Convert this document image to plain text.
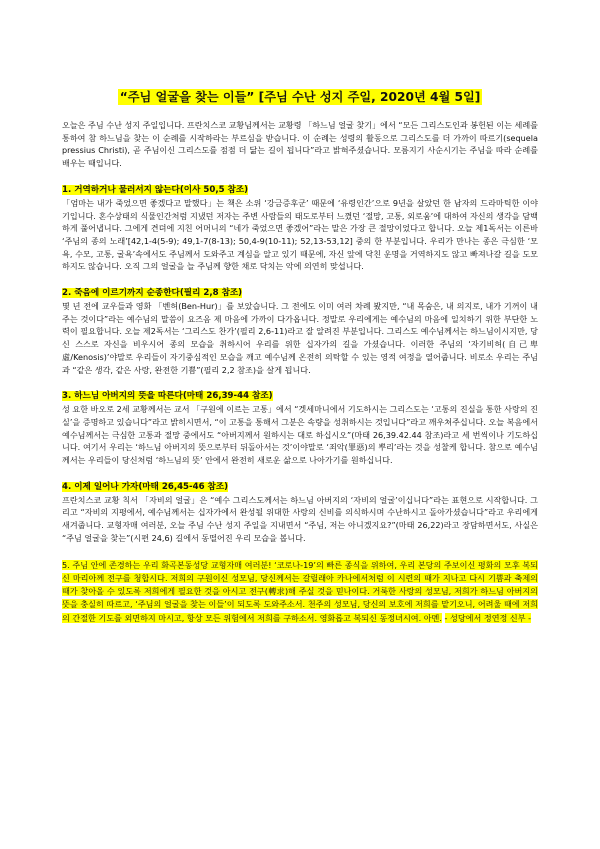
“주님 얼굴을 찾는 이들” [주님 수난 성지 주일, 2020년 4월 5일]

오늘은 주님 수난 성지 주일입니다. 프란치스코 교황님께서는 교황령 「하느님 얼굴 찾기」에서 “모든 그리스도인과 봉헌된 이는 세례를 통하여 참 하느님을 찾는 이 순례를 시작하라는 부르심을 받습니다. 이 순례는 성령의 활동으로 그리스도를 더 가까이 따르기(sequela pressius Christi), 곧 주님이신 그리스도를 점점 더 닮는 길이 됩니다”라고 밝혀주셨습니다. 모름지기 사순시기는 주님을 따라 순례를 배우는 때입니다.

1. 거역하거나 물러서지 않는다(이사 50,5 참조)

「엄마는 내가 죽었으면 좋겠다고 말했다」는 책은 소위 ‘강금증후군’ 때문에 ‘유령인간’으로 9년을 살았던 한 남자의 드라마틱한 이야기입니다. 혼수상태의 식물인간처럼 지냈던 저자는 주변 사람들의 태도로부터 느꼈던 ‘절망, 고통, 외로움’에 대하여 자신의 생각을 담백하게 풀어냅니다. 그에게 견뎌에 지친 어머니의 “네가 죽었으면 좋겠어”라는 말은 가장 큰 절망이었다고 합니다. 오늘 제1독서는 이른바 ‘주님의 종의 노래’[42,1-4(5-9); 49,1-7(8-13); 50,4-9(10-11); 52,13-53,12] 중의 한 부분입니다. 우리가 만나는 종은 극심한 ‘모욕, 수모, 고통, 굴욕’속에서도 주님께서 도와주고 계심을 알고 있기 때문에, 자신 앞에 닥친 운명을 거역하지도 않고 빠져나갈 길을 도모하지도 않습니다. 오직 그의 얼굴을 늘 주님께 향한 채로 닥치는 악에 의연히 맞섭니다.

2. 죽음에 이르기까지 순종한다(필리 2,8 참조)

몇 년 전에 교우들과 영화 「벤허(Ben-Hur)」를 보았습니다. 그 전에도 이미 여러 차례 봤지만, “내 목숨은, 내 의지로, 내가 기꺼이 내 주는 것이다”라는 예수님의 말씀이 요즈음 제 마음에 가까이 다가옵니다. 정말로 우리에게는 예수님의 마음에 일치하기 위한 부단한 노력이 필요합니다. 오늘 제2독서는 ‘그리스도 찬가’(필리 2,6-11)라고 잘 알려진 부분입니다. 그리스도 예수님께서는 하느님이시지만, 당신 스스로 자신을 비우시어 종의 모습을 취하시어 우리를 위한 십자가의 길을 가셨습니다. 이러한 주님의 ‘자기비허(自己卑虛/Kenosis)’야말로 우리들이 자기중심적인 모습을 깨고 예수님께 온전히 의탁할 수 있는 영적 여정을 열어줍니다. 비로소 우리는 주님과 “같은 생각, 같은 사랑, 완전한 기쁨”(필리 2,2 참조)을 살게 됩니다.

3. 하느님 아버지의 뜻을 따른다(마태 26,39-44 참조)

성 요한 바오로 2세 교황께서는 교서 「구원에 이르는 고통」에서 “겟세마니에서 기도하시는 그리스도는 ‘고통의 진실을 통한 사랑의 진실’을 증명하고 있습니다”라고 밝히시면서, “이 고통을 통해서 그분은 속량을 성취하시는 것입니다”라고 깨우쳐주십니다. 오늘 복음에서 예수님께서는 극심한 고통과 절망 중에서도 “아버지께서 원하시는 대로 하십시오”(마태 26,39.42.44 참조)라고 세 번씩이나 기도하십니다. 여기서 우리는 ‘하느님 아버지의 뜻으로부터 뒤돌아서는 것’이야말로 ‘죄악(罪惡)의 뿌리’라는 것을 성찰케 합니다. 참으로 예수님께서는 우리들이 당신처럼 ‘하느님의 뜻’ 안에서 완전히 새로운 삶으로 나아가기를 원하십니다.

4. 이제 일어나 가자(마태 26,45-46 참조)

프란치스코 교황 칙서 「자비의 얼굴」은 “예수 그리스도께서는 하느님 아버지의 ‘자비의 얼굴’이십니다”라는 표현으로 시작합니다. 그리고 “자비의 지평에서, 예수님께서는 십자가에서 완성될 위대한 사랑의 신비를 의식하시며 수난하시고 돌아가셨습니다”라고 우리에게 새겨줍니다. 교형자매 여러분, 오늘 주님 수난 성지 주일을 지내면서 “주님, 저는 아니겠지요?”(마태 26,22)라고 장담하면서도, 사실은 “주님 얼굴을 찾는”(시편 24,6) 길에서 동떨어진 우리 모습을 봅니다.

5. 주님 안에 존경하는 우리 화곡본동성당 교형자매 여러분! ‘코로나-19’의 빠른 종식을 위하여, 우리 본당의 주보이신 평화의 모후 복되신 마리아께 전구를 청합시다. 저희의 구원이신 성모님, 당신께서는 갈릴래아 카나에서처럼 이 시련의 때가 지나고 다시 기쁨과 축제의 때가 찾아올 수 있도록 저희에게 필요한 것을 아시고 전구(轉求)해 주실 것을 믿나이다. 거룩한 사랑의 성모님, 저희가 하느님 아버지의 뜻을 충실히 따르고, ‘주님의 얼굴을 찾는 이들’이 되도록 도와주소서. 천주의 성모님, 당신의 보호에 저희를 맡기오니, 어려울 때에 저희의 간절한 기도를 외면하지 마시고, 항상 모든 위험에서 저희를 구하소서. 영화롭고 복되신 동정녀시여. 아멘. - 성당에서 정연정 신부 -
